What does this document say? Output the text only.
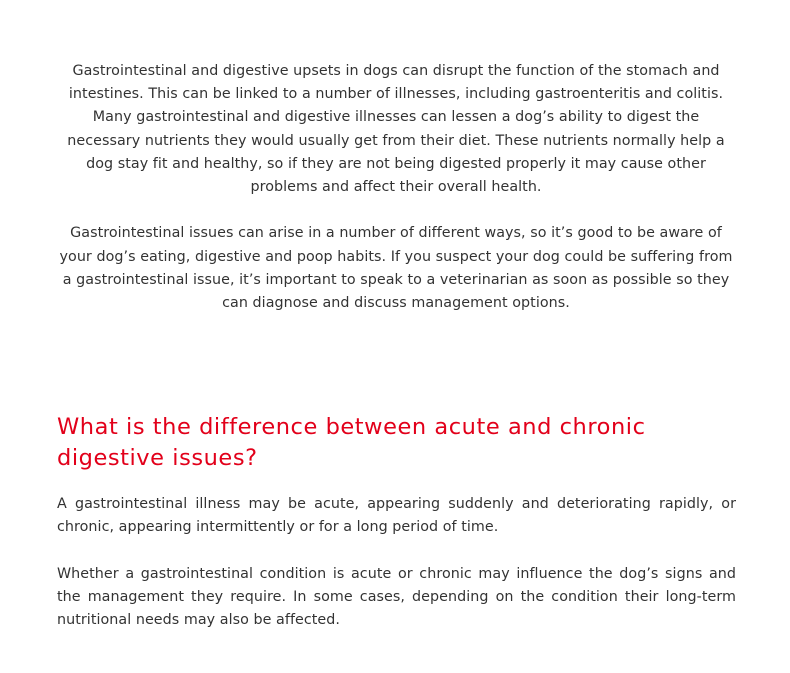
Gastrointestinal and digestive upsets in dogs can disrupt the function of the stomach and intestines. This can be linked to a number of illnesses, including gastroenteritis and colitis. Many gastrointestinal and digestive illnesses can lessen a dog’s ability to digest the necessary nutrients they would usually get from their diet. These nutrients normally help a dog stay fit and healthy, so if they are not being digested properly it may cause other problems and affect their overall health.

Gastrointestinal issues can arise in a number of different ways, so it’s good to be aware of your dog’s eating, digestive and poop habits. If you suspect your dog could be suffering from a gastrointestinal issue, it’s important to speak to a veterinarian as soon as possible so they can diagnose and discuss management options.

What is the difference between acute and chronic digestive issues?

A gastrointestinal illness may be acute, appearing suddenly and deteriorating rapidly, or chronic, appearing intermittently or for a long period of time.

Whether a gastrointestinal condition is acute or chronic may influence the dog’s signs and the management they require. In some cases, depending on the condition their long-term nutritional needs may also be affected.
